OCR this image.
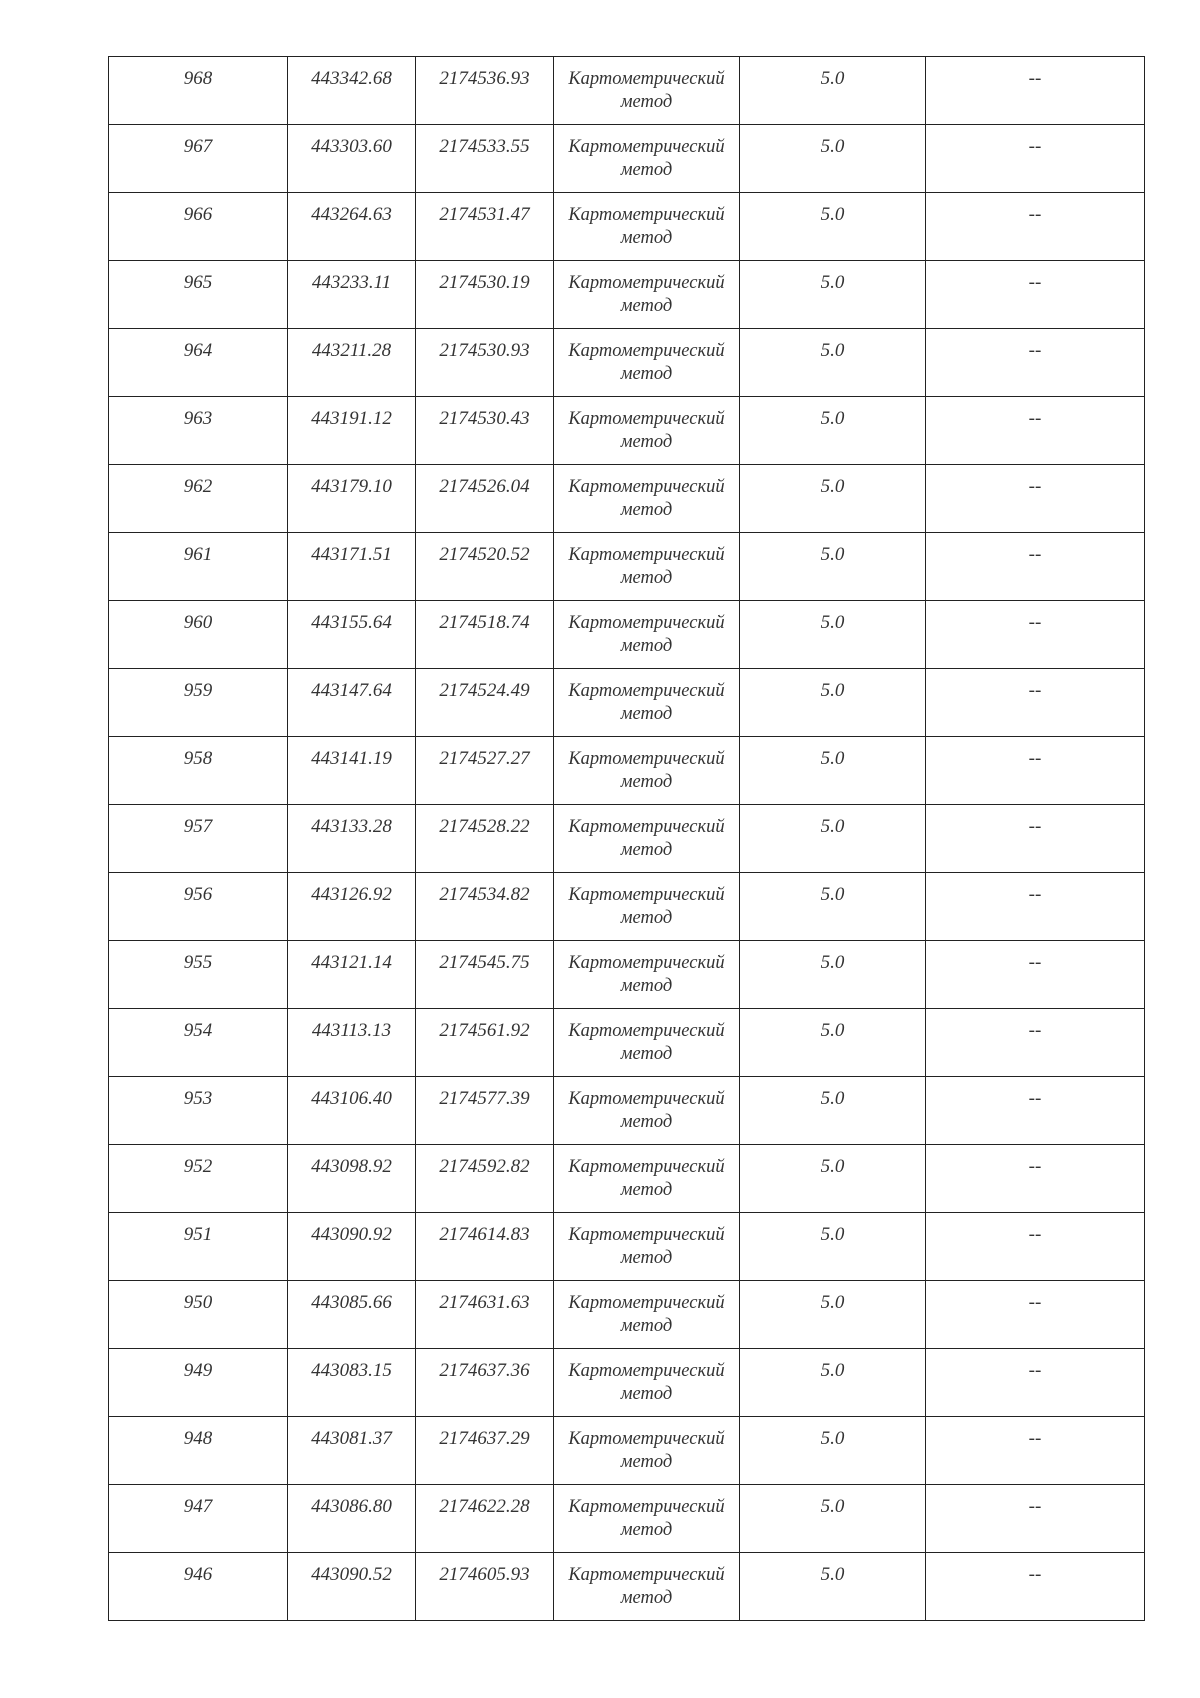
968	443342.68	2174536.93	Картометрический
метод	5.0	--

967	443303.60	2174533.55	Картометрический
метод	5.0	--

966	443264.63	2174531.47	Картометрический
метод	5.0	--

965	443233.11	2174530.19	Картометрический
метод	5.0	--

964	443211.28	2174530.93	Картометрический
метод	5.0	--

963	443191.12	2174530.43	Картометрический
метод	5.0	--

962	443179.10	2174526.04	Картометрический
метод	5.0	--

961	443171.51	2174520.52	Картометрический
метод	5.0	--

960	443155.64	2174518.74	Картометрический
метод	5.0	--

959	443147.64	2174524.49	Картометрический
метод	5.0	--

958	443141.19	2174527.27	Картометрический
метод	5.0	--

957	443133.28	2174528.22	Картометрический
метод	5.0	--

956	443126.92	2174534.82	Картометрический
метод	5.0	--

955	443121.14	2174545.75	Картометрический
метод	5.0	--

954	443113.13	2174561.92	Картометрический
метод	5.0	--

953	443106.40	2174577.39	Картометрический
метод	5.0	--

952	443098.92	2174592.82	Картометрический
метод	5.0	--

951	443090.92	2174614.83	Картометрический
метод	5.0	--

950	443085.66	2174631.63	Картометрический
метод	5.0	--

949	443083.15	2174637.36	Картометрический
метод	5.0	--

948	443081.37	2174637.29	Картометрический
метод	5.0	--

947	443086.80	2174622.28	Картометрический
метод	5.0	--

946	443090.52	2174605.93	Картометрический
метод	5.0	--
